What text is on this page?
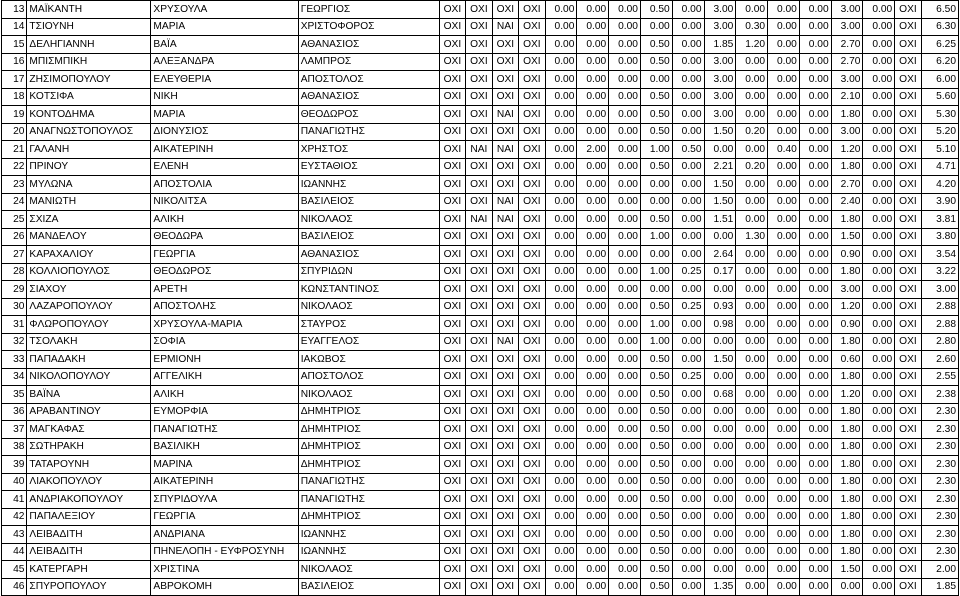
13	ΜΑΪΚΑΝΤΗ	ΧΡΥΣΟΥΛΑ	ΓΕΩΡΓΙΟΣ	ΟΧΙ	ΟΧΙ	ΟΧΙ	ΟΧΙ	0.00	0.00	0.00	0.50	0.00	3.00	0.00	0.00	0.00	3.00	0.00	ΟΧΙ	6.50
14	ΤΣΙΟΥΝΗ	ΜΑΡΙΑ	ΧΡΙΣΤΟΦΟΡΟΣ	ΟΧΙ	ΟΧΙ	ΝΑΙ	ΟΧΙ	0.00	0.00	0.00	0.00	0.00	3.00	0.30	0.00	0.00	3.00	0.00	ΟΧΙ	6.30
15	ΔΕΛΗΓΙΑΝΝΗ	ΒΑΪΑ	ΑΘΑΝΑΣΙΟΣ	ΟΧΙ	ΟΧΙ	ΟΧΙ	ΟΧΙ	0.00	0.00	0.00	0.50	0.00	1.85	1.20	0.00	0.00	2.70	0.00	ΟΧΙ	6.25
16	ΜΠΙΣΜΠΙΚΗ	ΑΛΕΞΑΝΔΡΑ	ΛΑΜΠΡΟΣ	ΟΧΙ	ΟΧΙ	ΟΧΙ	ΟΧΙ	0.00	0.00	0.00	0.50	0.00	3.00	0.00	0.00	0.00	2.70	0.00	ΟΧΙ	6.20
17	ΖΗΣΙΜΟΠΟΥΛΟΥ	ΕΛΕΥΘΕΡΙΑ	ΑΠΟΣΤΟΛΟΣ	ΟΧΙ	ΟΧΙ	ΟΧΙ	ΟΧΙ	0.00	0.00	0.00	0.00	0.00	3.00	0.00	0.00	0.00	3.00	0.00	ΟΧΙ	6.00
18	ΚΟΤΣΙΦΑ	ΝΙΚΗ	ΑΘΑΝΑΣΙΟΣ	ΟΧΙ	ΟΧΙ	ΟΧΙ	ΟΧΙ	0.00	0.00	0.00	0.50	0.00	3.00	0.00	0.00	0.00	2.10	0.00	ΟΧΙ	5.60
19	ΚΟΝΤΟΔΗΜΑ	ΜΑΡΙΑ	ΘΕΟΔΩΡΟΣ	ΟΧΙ	ΟΧΙ	ΝΑΙ	ΟΧΙ	0.00	0.00	0.00	0.50	0.00	3.00	0.00	0.00	0.00	1.80	0.00	ΟΧΙ	5.30
20	ΑΝΑΓΝΩΣΤΟΠΟΥΛΟΣ	ΔΙΟΝΥΣΙΟΣ	ΠΑΝΑΓΙΩΤΗΣ	ΟΧΙ	ΟΧΙ	ΟΧΙ	ΟΧΙ	0.00	0.00	0.00	0.50	0.00	1.50	0.20	0.00	0.00	3.00	0.00	ΟΧΙ	5.20
21	ΓΑΛΑΝΗ	ΑΙΚΑΤΕΡΙΝΗ	ΧΡΗΣΤΟΣ	ΟΧΙ	ΝΑΙ	ΝΑΙ	ΟΧΙ	0.00	2.00	0.00	1.00	0.50	0.00	0.00	0.40	0.00	1.20	0.00	ΟΧΙ	5.10
22	ΠΡΙΝΟΥ	ΕΛΕΝΗ	ΕΥΣΤΑΘΙΟΣ	ΟΧΙ	ΟΧΙ	ΟΧΙ	ΟΧΙ	0.00	0.00	0.00	0.50	0.00	2.21	0.20	0.00	0.00	1.80	0.00	ΟΧΙ	4.71
23	ΜΥΛΩΝΑ	ΑΠΟΣΤΟΛΙΑ	ΙΩΑΝΝΗΣ	ΟΧΙ	ΟΧΙ	ΟΧΙ	ΟΧΙ	0.00	0.00	0.00	0.00	0.00	1.50	0.00	0.00	0.00	2.70	0.00	ΟΧΙ	4.20
24	ΜΑΝΙΩΤΗ	ΝΙΚΟΛΙΤΣΑ	ΒΑΣΙΛΕΙΟΣ	ΟΧΙ	ΟΧΙ	ΝΑΙ	ΟΧΙ	0.00	0.00	0.00	0.00	0.00	1.50	0.00	0.00	0.00	2.40	0.00	ΟΧΙ	3.90
25	ΣΧΙΖΑ	ΑΛΙΚΗ	ΝΙΚΟΛΑΟΣ	ΟΧΙ	ΝΑΙ	ΝΑΙ	ΟΧΙ	0.00	0.00	0.00	0.50	0.00	1.51	0.00	0.00	0.00	1.80	0.00	ΟΧΙ	3.81
26	ΜΑΝΔΕΛΟΥ	ΘΕΟΔΩΡΑ	ΒΑΣΙΛΕΙΟΣ	ΟΧΙ	ΟΧΙ	ΟΧΙ	ΟΧΙ	0.00	0.00	0.00	1.00	0.00	0.00	1.30	0.00	0.00	1.50	0.00	ΟΧΙ	3.80
27	ΚΑΡΑΧΑΛΙΟΥ	ΓΕΩΡΓΙΑ	ΑΘΑΝΑΣΙΟΣ	ΟΧΙ	ΟΧΙ	ΟΧΙ	ΟΧΙ	0.00	0.00	0.00	0.00	0.00	2.64	0.00	0.00	0.00	0.90	0.00	ΟΧΙ	3.54
28	ΚΟΛΛΙΟΠΟΥΛΟΣ	ΘΕΟΔΩΡΟΣ	ΣΠΥΡΙΔΩΝ	ΟΧΙ	ΟΧΙ	ΟΧΙ	ΟΧΙ	0.00	0.00	0.00	1.00	0.25	0.17	0.00	0.00	0.00	1.80	0.00	ΟΧΙ	3.22
29	ΣΙΑΧΟΥ	ΑΡΕΤΗ	ΚΩΝΣΤΑΝΤΙΝΟΣ	ΟΧΙ	ΟΧΙ	ΟΧΙ	ΟΧΙ	0.00	0.00	0.00	0.00	0.00	0.00	0.00	0.00	0.00	3.00	0.00	ΟΧΙ	3.00
30	ΛΑΖΑΡΟΠΟΥΛΟΥ	ΑΠΟΣΤΟΛΗΣ	ΝΙΚΟΛΑΟΣ	ΟΧΙ	ΟΧΙ	ΟΧΙ	ΟΧΙ	0.00	0.00	0.00	0.50	0.25	0.93	0.00	0.00	0.00	1.20	0.00	ΟΧΙ	2.88
31	ΦΛΩΡΟΠΟΥΛΟΥ	ΧΡΥΣΟΥΛΑ-ΜΑΡΙΑ	ΣΤΑΥΡΟΣ	ΟΧΙ	ΟΧΙ	ΟΧΙ	ΟΧΙ	0.00	0.00	0.00	1.00	0.00	0.98	0.00	0.00	0.00	0.90	0.00	ΟΧΙ	2.88
32	ΤΣΟΛΑΚΗ	ΣΟΦΙΑ	ΕΥΑΓΓΕΛΟΣ	ΟΧΙ	ΟΧΙ	ΝΑΙ	ΟΧΙ	0.00	0.00	0.00	1.00	0.00	0.00	0.00	0.00	0.00	1.80	0.00	ΟΧΙ	2.80
33	ΠΑΠΑΔΑΚΗ	ΕΡΜΙΟΝΗ	ΙΑΚΩΒΟΣ	ΟΧΙ	ΟΧΙ	ΟΧΙ	ΟΧΙ	0.00	0.00	0.00	0.50	0.00	1.50	0.00	0.00	0.00	0.60	0.00	ΟΧΙ	2.60
34	ΝΙΚΟΛΟΠΟΥΛΟΥ	ΑΓΓΕΛΙΚΗ	ΑΠΟΣΤΟΛΟΣ	ΟΧΙ	ΟΧΙ	ΟΧΙ	ΟΧΙ	0.00	0.00	0.00	0.50	0.25	0.00	0.00	0.00	0.00	1.80	0.00	ΟΧΙ	2.55
35	ΒΑΪΝΑ	ΑΛΙΚΗ	ΝΙΚΟΛΑΟΣ	ΟΧΙ	ΟΧΙ	ΟΧΙ	ΟΧΙ	0.00	0.00	0.00	0.50	0.00	0.68	0.00	0.00	0.00	1.20	0.00	ΟΧΙ	2.38
36	ΑΡΑΒΑΝΤΙΝΟΥ	ΕΥΜΟΡΦΙΑ	ΔΗΜΗΤΡΙΟΣ	ΟΧΙ	ΟΧΙ	ΟΧΙ	ΟΧΙ	0.00	0.00	0.00	0.50	0.00	0.00	0.00	0.00	0.00	1.80	0.00	ΟΧΙ	2.30
37	ΜΑΓΚΑΦΑΣ	ΠΑΝΑΓΙΩΤΗΣ	ΔΗΜΗΤΡΙΟΣ	ΟΧΙ	ΟΧΙ	ΟΧΙ	ΟΧΙ	0.00	0.00	0.00	0.50	0.00	0.00	0.00	0.00	0.00	1.80	0.00	ΟΧΙ	2.30
38	ΣΩΤΗΡΑΚΗ	ΒΑΣΙΛΙΚΗ	ΔΗΜΗΤΡΙΟΣ	ΟΧΙ	ΟΧΙ	ΟΧΙ	ΟΧΙ	0.00	0.00	0.00	0.50	0.00	0.00	0.00	0.00	0.00	1.80	0.00	ΟΧΙ	2.30
39	ΤΑΤΑΡΟΥΝΗ	ΜΑΡΙΝΑ	ΔΗΜΗΤΡΙΟΣ	ΟΧΙ	ΟΧΙ	ΟΧΙ	ΟΧΙ	0.00	0.00	0.00	0.50	0.00	0.00	0.00	0.00	0.00	1.80	0.00	ΟΧΙ	2.30
40	ΛΙΑΚΟΠΟΥΛΟΥ	ΑΙΚΑΤΕΡΙΝΗ	ΠΑΝΑΓΙΩΤΗΣ	ΟΧΙ	ΟΧΙ	ΟΧΙ	ΟΧΙ	0.00	0.00	0.00	0.50	0.00	0.00	0.00	0.00	0.00	1.80	0.00	ΟΧΙ	2.30
41	ΑΝΔΡΙΑΚΟΠΟΥΛΟΥ	ΣΠΥΡΙΔΟΥΛΑ	ΠΑΝΑΓΙΩΤΗΣ	ΟΧΙ	ΟΧΙ	ΟΧΙ	ΟΧΙ	0.00	0.00	0.00	0.50	0.00	0.00	0.00	0.00	0.00	1.80	0.00	ΟΧΙ	2.30
42	ΠΑΠΑΛΕΞΙΟΥ	ΓΕΩΡΓΙΑ	ΔΗΜΗΤΡΙΟΣ	ΟΧΙ	ΟΧΙ	ΟΧΙ	ΟΧΙ	0.00	0.00	0.00	0.50	0.00	0.00	0.00	0.00	0.00	1.80	0.00	ΟΧΙ	2.30
43	ΛΕΙΒΑΔΙΤΗ	ΑΝΔΡΙΑΝΑ	ΙΩΑΝΝΗΣ	ΟΧΙ	ΟΧΙ	ΟΧΙ	ΟΧΙ	0.00	0.00	0.00	0.50	0.00	0.00	0.00	0.00	0.00	1.80	0.00	ΟΧΙ	2.30
44	ΛΕΙΒΑΔΙΤΗ	ΠΗΝΕΛΟΠΗ - ΕΥΦΡΟΣΥΝΗ	ΙΩΑΝΝΗΣ	ΟΧΙ	ΟΧΙ	ΟΧΙ	ΟΧΙ	0.00	0.00	0.00	0.50	0.00	0.00	0.00	0.00	0.00	1.80	0.00	ΟΧΙ	2.30
45	ΚΑΤΕΡΓΑΡΗ	ΧΡΙΣΤΙΝΑ	ΝΙΚΟΛΑΟΣ	ΟΧΙ	ΟΧΙ	ΟΧΙ	ΟΧΙ	0.00	0.00	0.00	0.50	0.00	0.00	0.00	0.00	0.00	1.50	0.00	ΟΧΙ	2.00
46	ΣΠΥΡΟΠΟΥΛΟΥ	ΑΒΡΟΚΟΜΗ	ΒΑΣΙΛΕΙΟΣ	ΟΧΙ	ΟΧΙ	ΟΧΙ	ΟΧΙ	0.00	0.00	0.00	0.50	0.00	1.35	0.00	0.00	0.00	0.00	0.00	ΟΧΙ	1.85
